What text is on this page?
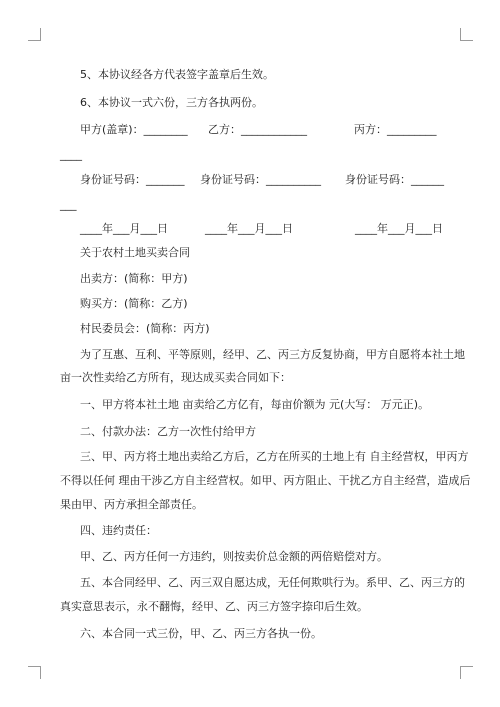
5、本协议经各方代表签字盖章后生效。
6、本协议一式六份，三方各执两份。
甲方(盖章)：________ 乙方：____________	丙方：_________
____
身份证号码：_______ 身份证号码：__________ 身份证号码：______
___
____年___月___日	____年___月___日	____年___月___日
关于农村土地买卖合同
出卖方：(简称：甲方)
购买方：(简称：乙方)
村民委员会：(简称：丙方)
为了互惠、互利、平等原则，经甲、乙、丙三方反复协商，甲方自愿将本社土地
亩一次性卖给乙方所有，现达成买卖合同如下：
一、甲方将本社土地 亩卖给乙方亿有，每亩价额为 元(大写： 万元正)。
二、付款办法：乙方一次性付给甲方
三、甲、丙方将土地出卖给乙方后，乙方在所买的土地上有 自主经营权，甲丙方
不得以任何 理由干涉乙方自主经营权。如甲、丙方阻止、干扰乙方自主经营，造成后
果由甲、丙方承担全部责任。
四、违约责任：
甲、乙、丙方任何一方违约，则按卖价总金额的两倍赔偿对方。
五、本合同经甲、乙、丙三双自愿达成，无任何欺哄行为。系甲、乙、丙三方的
真实意思表示，永不翻悔，经甲、乙、丙三方签字捺印后生效。
六、本合同一式三份，甲、乙、丙三方各执一份。
